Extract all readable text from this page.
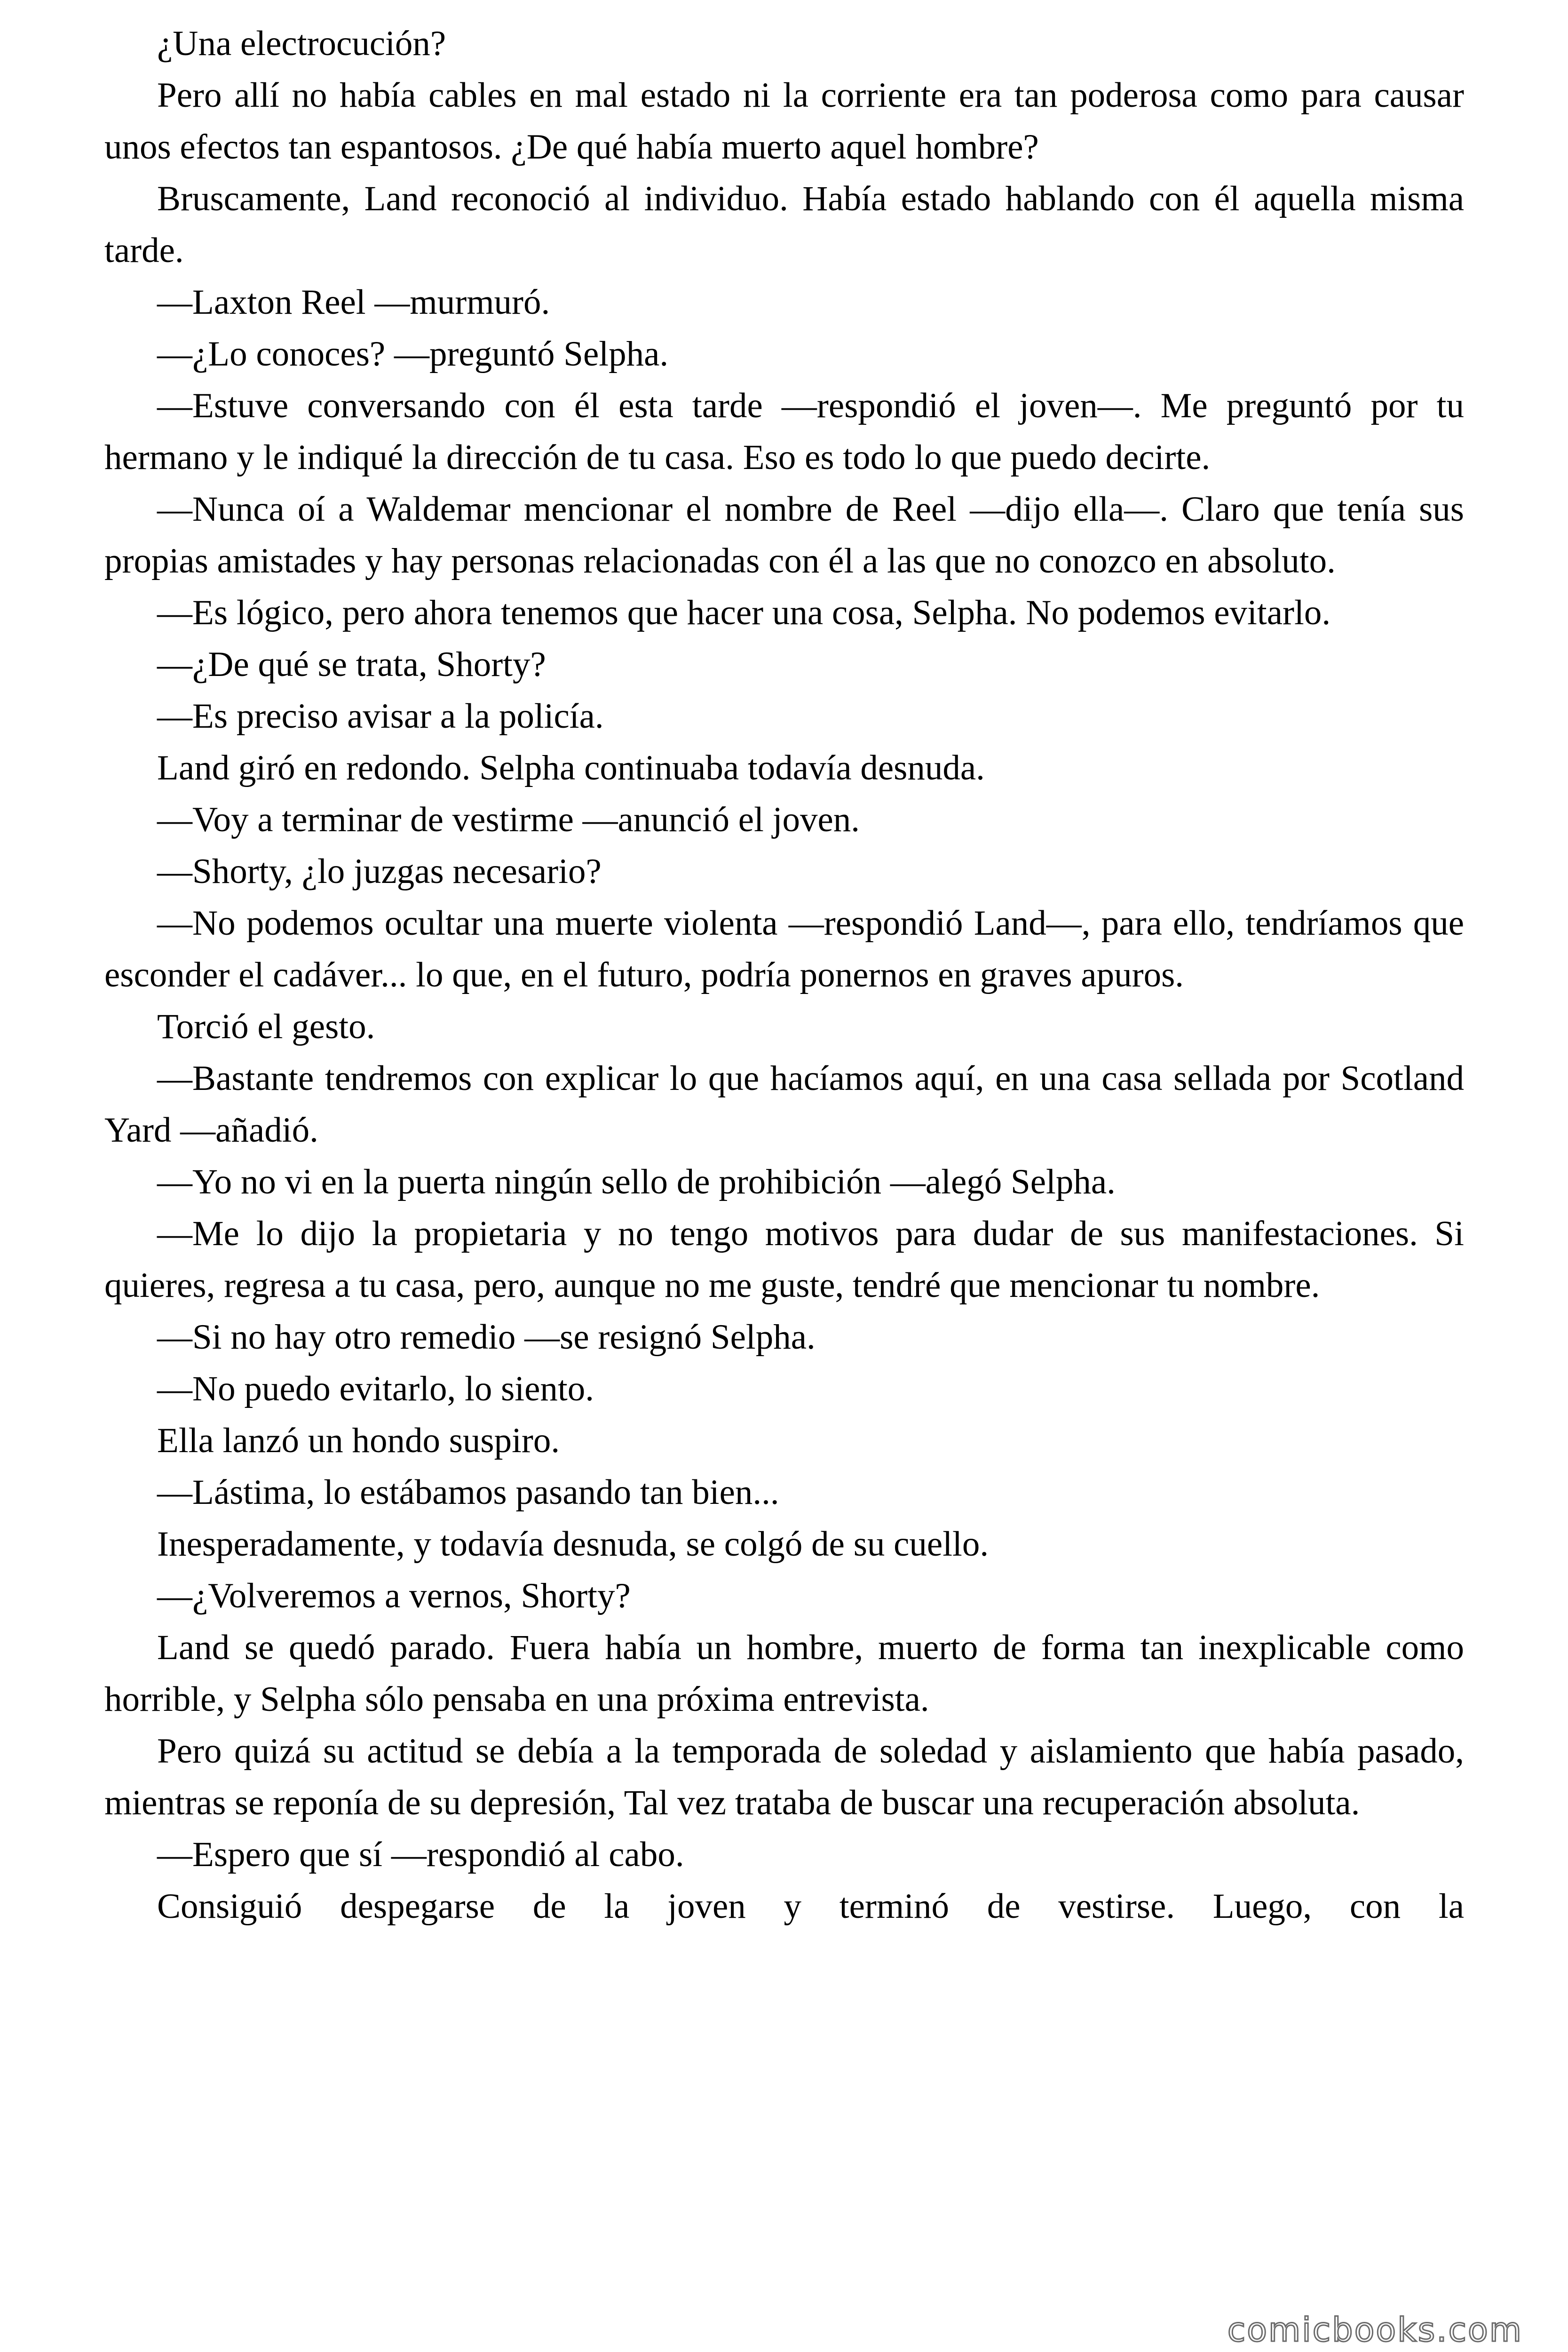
¿Una electrocución?

Pero allí no había cables en mal estado ni la corriente era tan poderosa como para causar unos efectos tan espantosos. ¿De qué había muerto aquel hombre?

Bruscamente, Land reconoció al individuo. Había estado hablando con él aquella misma tarde.

—Laxton Reel —murmuró.

—¿Lo conoces? —preguntó Selpha.

—Estuve conversando con él esta tarde —respondió el joven—. Me preguntó por tu hermano y le indiqué la dirección de tu casa. Eso es todo lo que puedo decirte.

—Nunca oí a Waldemar mencionar el nombre de Reel —dijo ella—. Claro que tenía sus propias amistades y hay personas relacionadas con él a las que no conozco en absoluto.

—Es lógico, pero ahora tenemos que hacer una cosa, Selpha. No podemos evitarlo.

—¿De qué se trata, Shorty?

—Es preciso avisar a la policía.

Land giró en redondo. Selpha continuaba todavía desnuda.

—Voy a terminar de vestirme —anunció el joven.

—Shorty, ¿lo juzgas necesario?

—No podemos ocultar una muerte violenta —respondió Land—, para ello, tendríamos que esconder el cadáver... lo que, en el futuro, podría ponernos en graves apuros.

Torció el gesto.

—Bastante tendremos con explicar lo que hacíamos aquí, en una casa sellada por Scotland Yard —añadió.

—Yo no vi en la puerta ningún sello de prohibición —alegó Selpha.

—Me lo dijo la propietaria y no tengo motivos para dudar de sus manifestaciones. Si quieres, regresa a tu casa, pero, aunque no me guste, tendré que mencionar tu nombre.

—Si no hay otro remedio —se resignó Selpha.

—No puedo evitarlo, lo siento.

Ella lanzó un hondo suspiro.

—Lástima, lo estábamos pasando tan bien...

Inesperadamente, y todavía desnuda, se colgó de su cuello.

—¿Volveremos a vernos, Shorty?

Land se quedó parado. Fuera había un hombre, muerto de forma tan inexplicable como horrible, y Selpha sólo pensaba en una próxima entrevista.

Pero quizá su actitud se debía a la temporada de soledad y aislamiento que había pasado, mientras se reponía de su depresión, Tal vez trataba de buscar una recuperación absoluta.

—Espero que sí —respondió al cabo.

Consiguió despegarse de la joven y terminó de vestirse. Luego, con la

comicbooks.com
